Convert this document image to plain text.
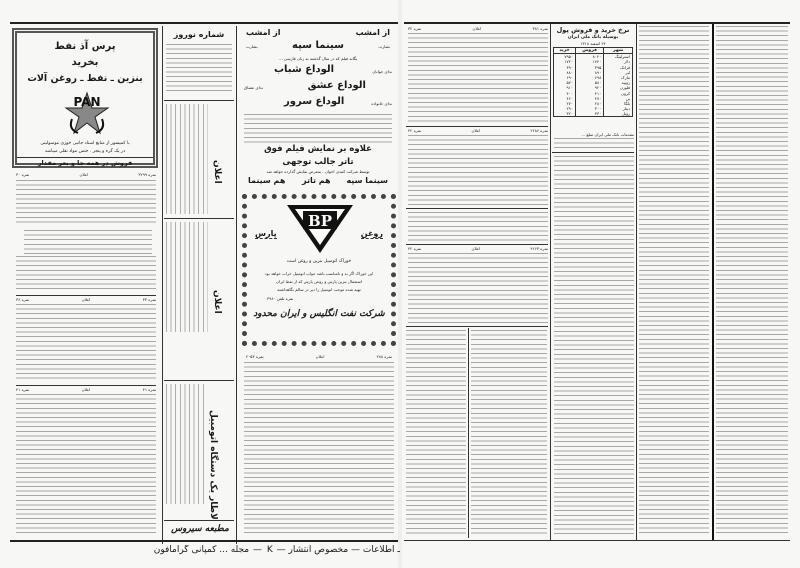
پرس آذ نفط
بخرید
بنزین ـ نفط ـ روغن آلات
PAN
با کمپسور از منابع اسناد جانبی خوزی موسولینی
در یک گره و پنجر . جنس مواد نقلی میباشد
فروش در همه جا و بعر مقدار
نمره ۳۲۹۹
اعلان
نمره ۳۰
نمره ۳۳
اعلان
نمره ۳۶
نمره ۴۱
اعلان
نمره ۴۱
شماره نوروز
اعلان
اعلان
لاطار یک دستگاه اتومبیل
مطبعه سیروس
از امشب	از امشب
سینما سپه
بشارت	بشارت
یگانه فیلم که در سال گذشته به زبان فارسی ...
الوداع شباب	ندای جوانان
الوداع عشق
ندای عشاق
الوداع سرور	ندای خانواده
علاوه بر نمایش فیلم فوق
تاتر جالب توجهی
توسط شرکت کمدی اخوان . بمعرض نمایش گذارده خواهد شد
سینما سپه
هم تاتر
هم سینما
BP
پارس	روغن
خوراک اتومبیل بنزین و روغن است
این خوراک اگر بد و نامناسب باشد جواب اتومبیل خراب خواهد بود
استعمال بنزین پارس و روغن پارس که از نفط ایران
تهیه شده موجب اتومبیل را دیر در سالم نگاهداشته
نمره تلفن ۳۹۸۰
شرکت نفت انگلیس و ایران محدود
نمره ۲۸۸
اعلان
نمره ۲۰۵۳
ـ اطلاعات — مخصوص انتشار — K — مجله ... کمپانی گرامافون
نمره ۳۸۱
اعلان
نمره ۳۲
نمره ۲۶۸۶
اعلان
نمره ۴۲
نمره ۴۶۶۳
اعلان
نمره ۴۲
نرخ خرید و فروش پول
بوسیله بانک ملی ایران
۲۴ اسفند ۱۳۱۸
شهر	فروش	خرید
استرلینگ	۸۰۴۰	۷۹۵۰
دلار	۱۷۴۰	۱۷۲۰
فرانک	۳۹۵	۳۹۰
لیر	۸۹۰	۸۸۰
مارک	۶۹۸	۶۹۰
روپیه	۵۸۰	۵۷۰
فلورن	۹۲۰	۹۱۰
کرون	۴۱۰	۴۰۰
ین	۴۷۰	۴۶۰
بلگا	۲۸۰	۲۷۰
دینار	۳۰۰	۲۹۰
روبل	۳۳۰	۳۲۰
مقدمات بانک ملی ایران مبلغ ...
